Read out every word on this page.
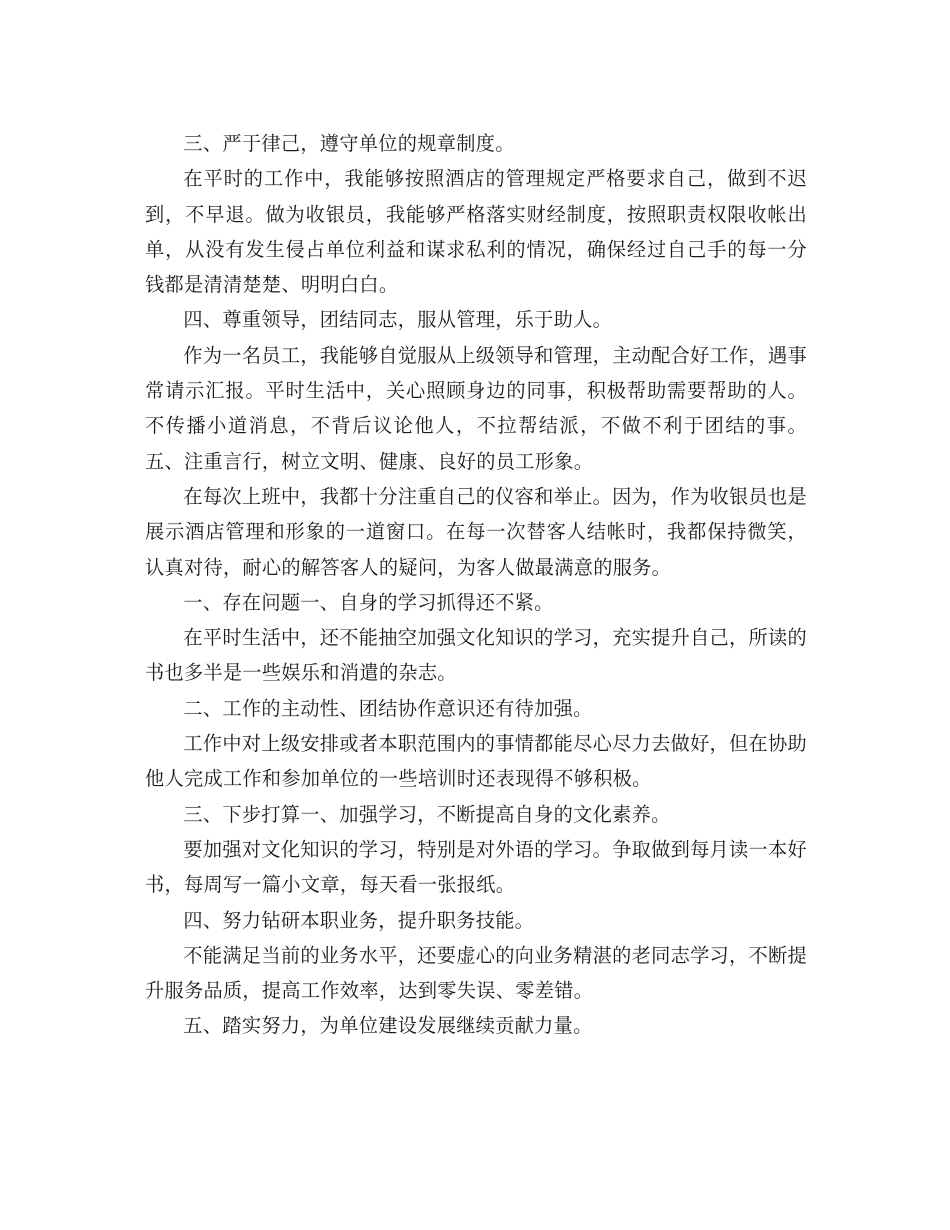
三、严于律己，遵守单位的规章制度。

在平时的工作中，我能够按照酒店的管理规定严格要求自己，做到不迟到，不早退。做为收银员，我能够严格落实财经制度，按照职责权限收帐出单，从没有发生侵占单位利益和谋求私利的情况，确保经过自己手的每一分钱都是清清楚楚、明明白白。

四、尊重领导，团结同志，服从管理，乐于助人。

作为一名员工，我能够自觉服从上级领导和管理，主动配合好工作，遇事常请示汇报。平时生活中，关心照顾身边的同事，积极帮助需要帮助的人。不传播小道消息，不背后议论他人，不拉帮结派，不做不利于团结的事。五、注重言行，树立文明、健康、良好的员工形象。

在每次上班中，我都十分注重自己的仪容和举止。因为，作为收银员也是展示酒店管理和形象的一道窗口。在每一次替客人结帐时，我都保持微笑，认真对待，耐心的解答客人的疑问，为客人做最满意的服务。

一、存在问题一、自身的学习抓得还不紧。

在平时生活中，还不能抽空加强文化知识的学习，充实提升自己，所读的书也多半是一些娱乐和消遣的杂志。

二、工作的主动性、团结协作意识还有待加强。

工作中对上级安排或者本职范围内的事情都能尽心尽力去做好，但在协助他人完成工作和参加单位的一些培训时还表现得不够积极。

三、下步打算一、加强学习，不断提高自身的文化素养。

要加强对文化知识的学习，特别是对外语的学习。争取做到每月读一本好书，每周写一篇小文章，每天看一张报纸。

四、努力钻研本职业务，提升职务技能。

不能满足当前的业务水平，还要虚心的向业务精湛的老同志学习，不断提升服务品质，提高工作效率，达到零失误、零差错。

五、踏实努力，为单位建设发展继续贡献力量。
